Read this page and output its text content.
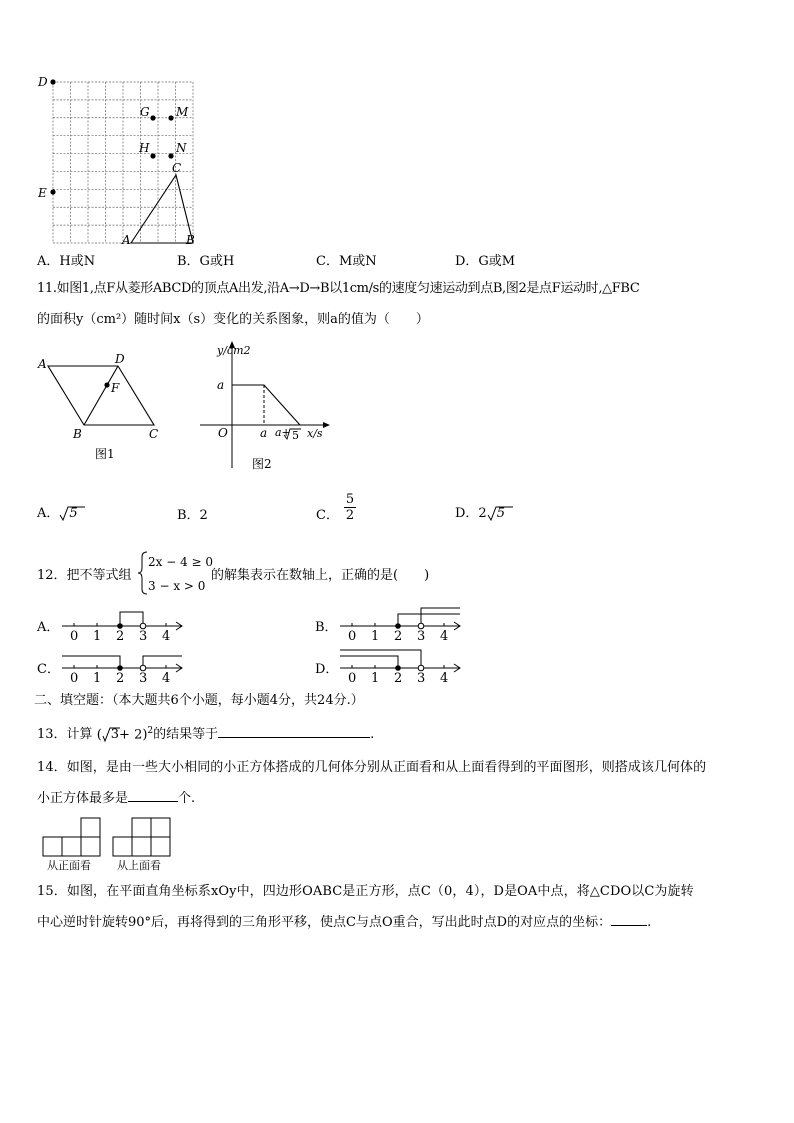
D
E
G M
H N
C
A	B
A．H或N	B．G或H	C．M或N	D．G或M
11.如图1,点F从菱形ABCD的顶点A出发,沿A→D→B以1cm/s的速度匀速运动到点B,图2是点F运动时,△FBC
的面积y（cm²）随时间x（s）变化的关系图象，则a的值为（　　）
A	D
F
B	C
图1
y/cm2
a
O	a a+ 5 x/s
图2
A． 5	B．2	C．
5
2	D．2 5
12．把不等式组
2x − 4 ≥ 0
3 − x > 0
的解集表示在数轴上，正确的是(　　)
A．	B．
C．	D．
0 1 2 3 4	0 1 2 3 4
0 1 2 3 4	0 1 2 3 4
二、填空题：（本大题共6个小题，每小题4分，共24分.）
13．计算 ( 3+ 2)$^2$的结果等于	.
14．如图，是由一些大小相同的小正方体搭成的几何体分别从正面看和从上面看得到的平面图形，则搭成该几何体的
小正方体最多是	个.
从正面看 从上面看
15．如图，在平面直角坐标系xOy中，四边形OABC是正方形，点C（0，4），D是OA中点，将△CDO以C为旋转
中心逆时针旋转90°后，再将得到的三角形平移，使点C与点O重合，写出此时点D的对应点的坐标：	.
